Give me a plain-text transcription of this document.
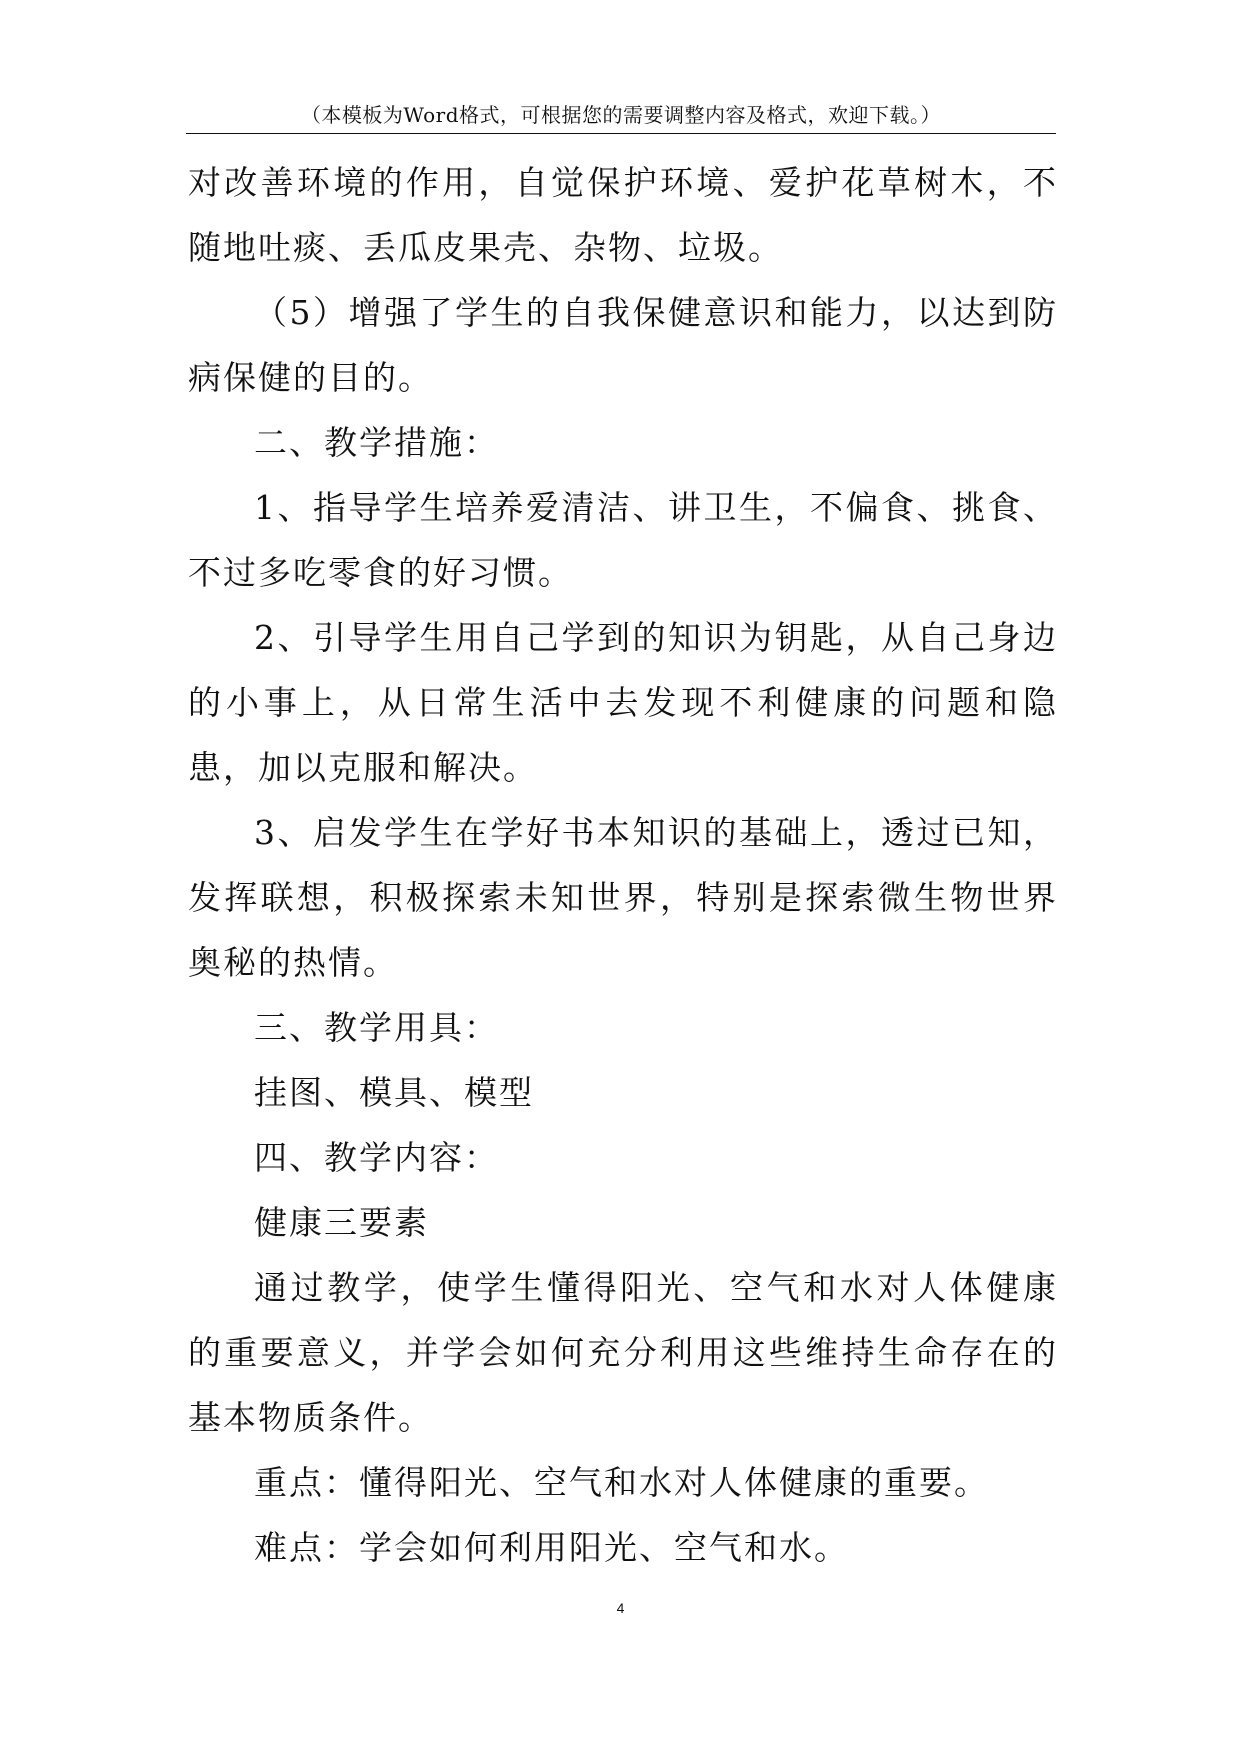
（本模板为Word格式，可根据您的需要调整内容及格式，欢迎下载。）

对改善环境的作用，自觉保护环境、爱护花草树木，不随地吐痰、丢瓜皮果壳、杂物、垃圾。

（5）增强了学生的自我保健意识和能力，以达到防病保健的目的。

二、教学措施：

1、指导学生培养爱清洁、讲卫生，不偏食、挑食、不过多吃零食的好习惯。

2、引导学生用自己学到的知识为钥匙，从自己身边的小事上，从日常生活中去发现不利健康的问题和隐患，加以克服和解决。

3、启发学生在学好书本知识的基础上，透过已知，发挥联想，积极探索未知世界，特别是探索微生物世界奥秘的热情。

三、教学用具：

挂图、模具、模型

四、教学内容：

健康三要素

通过教学，使学生懂得阳光、空气和水对人体健康的重要意义，并学会如何充分利用这些维持生命存在的基本物质条件。

重点：懂得阳光、空气和水对人体健康的重要。

难点：学会如何利用阳光、空气和水。

4
